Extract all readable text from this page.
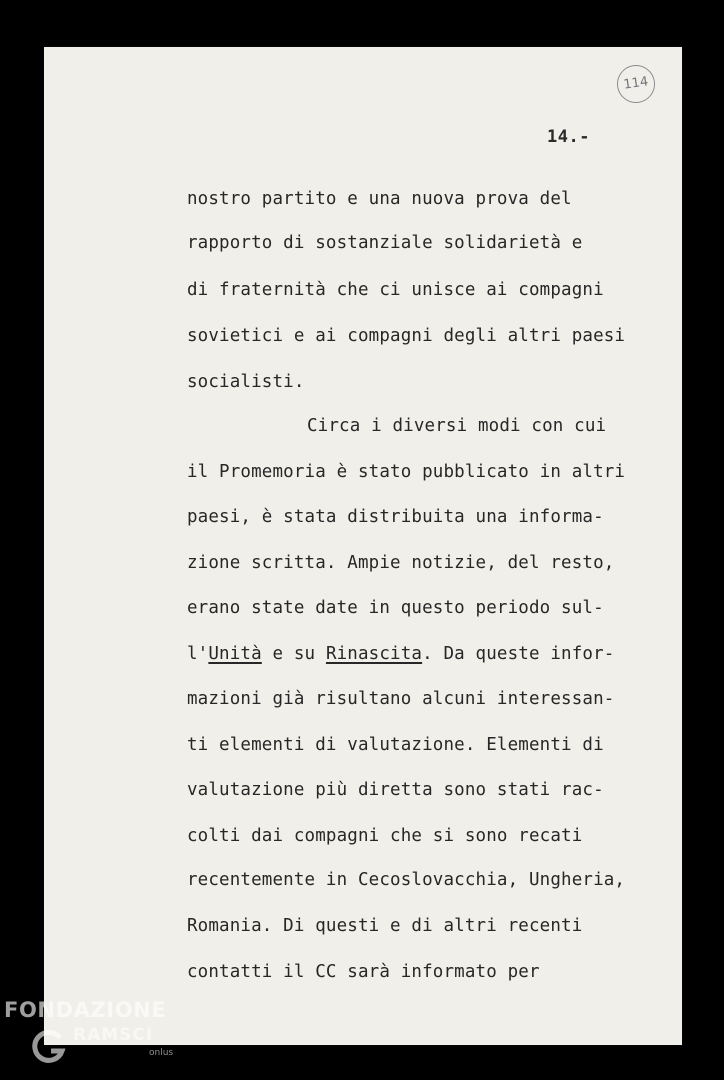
114
14.-
nostro partito e una nuova prova del
rapporto di sostanziale solidarietà e
di fraternità che ci unisce ai compagni
sovietici e ai compagni degli altri paesi
socialisti.
Circa i diversi modi con cui
il Promemoria è stato pubblicato in altri
paesi, è stata distribuita una informa-
zione scritta. Ampie notizie, del resto,
erano state date in questo periodo sul-
l'Unità e su Rinascita. Da queste infor-
mazioni già risultano alcuni interessan-
ti elementi di valutazione. Elementi di
valutazione più diretta sono stati rac-
colti dai compagni che si sono recati
recentemente in Cecoslovacchia, Ungheria,
Romania. Di questi e di altri recenti
contatti il CC sarà informato per
FONDAZIONE
RAMSCI
onlus
